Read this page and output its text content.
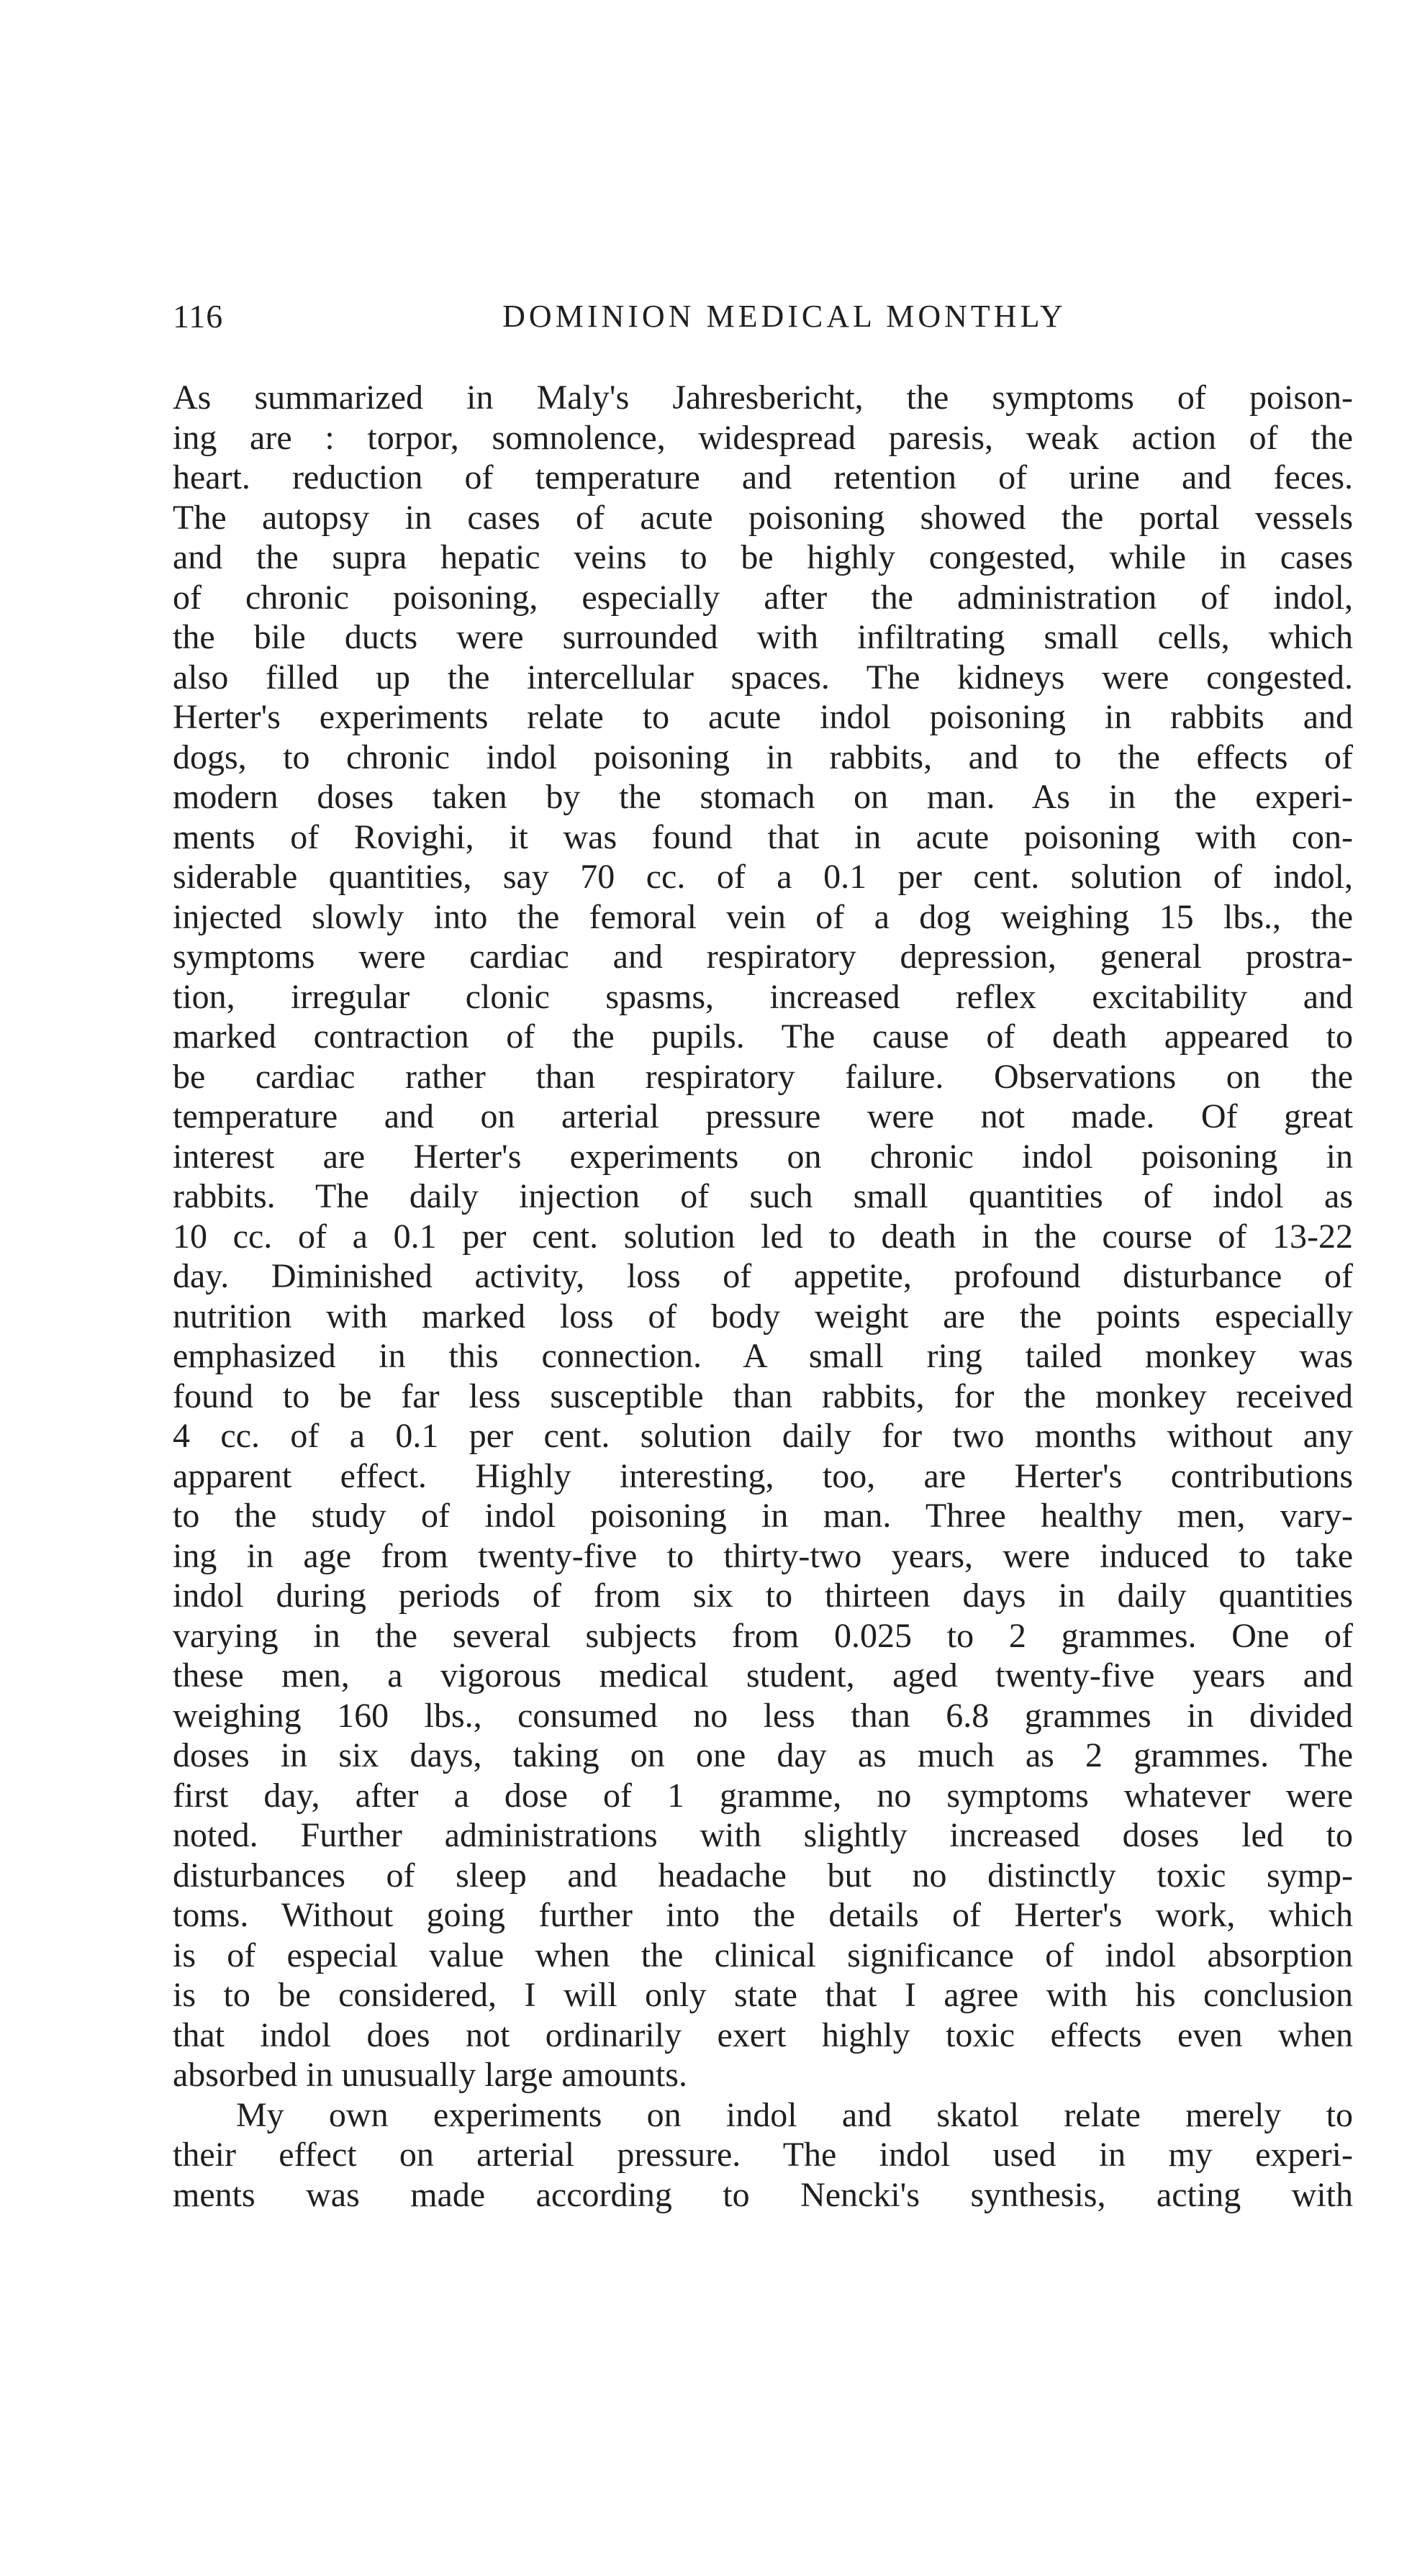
116	DOMINION MEDICAL MONTHLY
As summarized in Maly's Jahresbericht, the symptoms of poison-
ing are : torpor, somnolence, widespread paresis, weak action of the
heart. reduction of temperature and retention of urine and feces.
The autopsy in cases of acute poisoning showed the portal vessels
and the supra hepatic veins to be highly congested, while in cases
of chronic poisoning, especially after the administration of indol,
the bile ducts were surrounded with infiltrating small cells, which
also filled up the intercellular spaces. The kidneys were congested.
Herter's experiments relate to acute indol poisoning in rabbits and
dogs, to chronic indol poisoning in rabbits, and to the effects of
modern doses taken by the stomach on man. As in the experi-
ments of Rovighi, it was found that in acute poisoning with con-
siderable quantities, say 70 cc. of a 0.1 per cent. solution of indol,
injected slowly into the femoral vein of a dog weighing 15 lbs., the
symptoms were cardiac and respiratory depression, general prostra-
tion, irregular clonic spasms, increased reflex excitability and
marked contraction of the pupils. The cause of death appeared to
be cardiac rather than respiratory failure. Observations on the
temperature and on arterial pressure were not made. Of great
interest are Herter's experiments on chronic indol poisoning in
rabbits. The daily injection of such small quantities of indol as
10 cc. of a 0.1 per cent. solution led to death in the course of 13-22
day. Diminished activity, loss of appetite, profound disturbance of
nutrition with marked loss of body weight are the points especially
emphasized in this connection. A small ring tailed monkey was
found to be far less susceptible than rabbits, for the monkey received
4 cc. of a 0.1 per cent. solution daily for two months without any
apparent effect. Highly interesting, too, are Herter's contributions
to the study of indol poisoning in man. Three healthy men, vary-
ing in age from twenty-five to thirty-two years, were induced to take
indol during periods of from six to thirteen days in daily quantities
varying in the several subjects from 0.025 to 2 grammes. One of
these men, a vigorous medical student, aged twenty-five years and
weighing 160 lbs., consumed no less than 6.8 grammes in divided
doses in six days, taking on one day as much as 2 grammes. The
first day, after a dose of 1 gramme, no symptoms whatever were
noted. Further administrations with slightly increased doses led to
disturbances of sleep and headache but no distinctly toxic symp-
toms. Without going further into the details of Herter's work, which
is of especial value when the clinical significance of indol absorption
is to be considered, I will only state that I agree with his conclusion
that indol does not ordinarily exert highly toxic effects even when
absorbed in unusually large amounts.
My own experiments on indol and skatol relate merely to
their effect on arterial pressure. The indol used in my experi-
ments was made according to Nencki's synthesis, acting with
